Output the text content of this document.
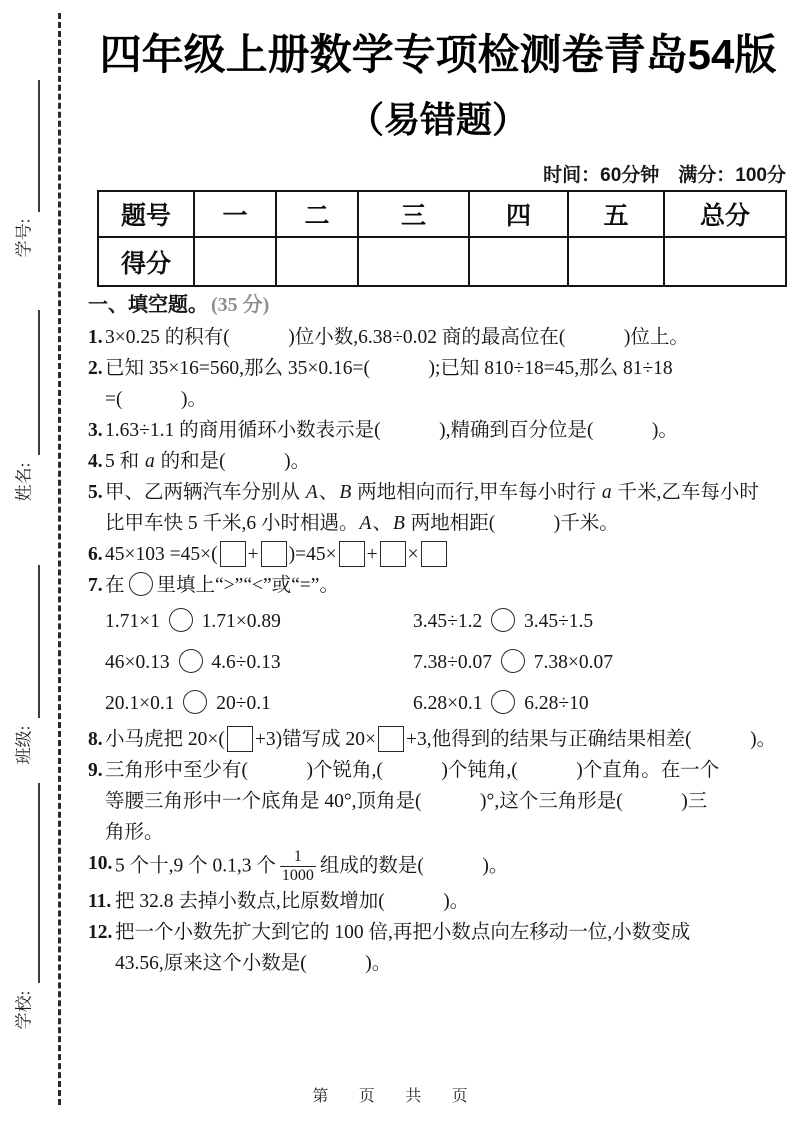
学号:
姓名:
班级:
学校:
四年级上册数学专项检测卷青岛54版
（易错题）
时间：60分钟　满分：100分
题号	一	二	三	四	五	总分
得分						
一、填空题。 (35 分)
1. 3×0.25 的积有(　　　)位小数,6.38÷0.02 商的最高位在(　　　)位上。
2. 已知 35×16=560,那么 35×0.16=(　　　);已知 810÷18=45,那么 81÷18
=(　　　)。
3. 1.63÷1.1 的商用循环小数表示是(　　　),精确到百分位是(　　　)。
4. 5 和 a 的和是(　　　)。
5. 甲、乙两辆汽车分别从 A、B 两地相向而行,甲车每小时行 a 千米,乙车每小时
比甲车快 5 千米,6 小时相遇。A、B 两地相距(　　　)千米。
6. 45×103 =45×( + )=45× + ×
7. 在 里填上“>”“<”或“=”。
1.71×1  1.71×0.89	3.45÷1.2  3.45÷1.5
46×0.13  4.6÷0.13	7.38÷0.07  7.38×0.07
20.1×0.1  20÷0.1	6.28×0.1  6.28÷10
8. 小马虎把 20×( +3)错写成 20× +3,他得到的结果与正确结果相差(　　　)。
9. 三角形中至少有(　　　)个锐角,(　　　)个钝角,(　　　)个直角。在一个
等腰三角形中一个底角是 40°,顶角是(　　　)°,这个三角形是(　　　)三
角形。
10. 5 个十,9 个 0.1,3 个 $\frac{1}{1000}$ 组成的数是(　　　)。
11. 把 32.8 去掉小数点,比原数增加(　　　)。
12. 把一个小数先扩大到它的 100 倍,再把小数点向左移动一位,小数变成
43.56,原来这个小数是(　　　)。
第 页 共 页
